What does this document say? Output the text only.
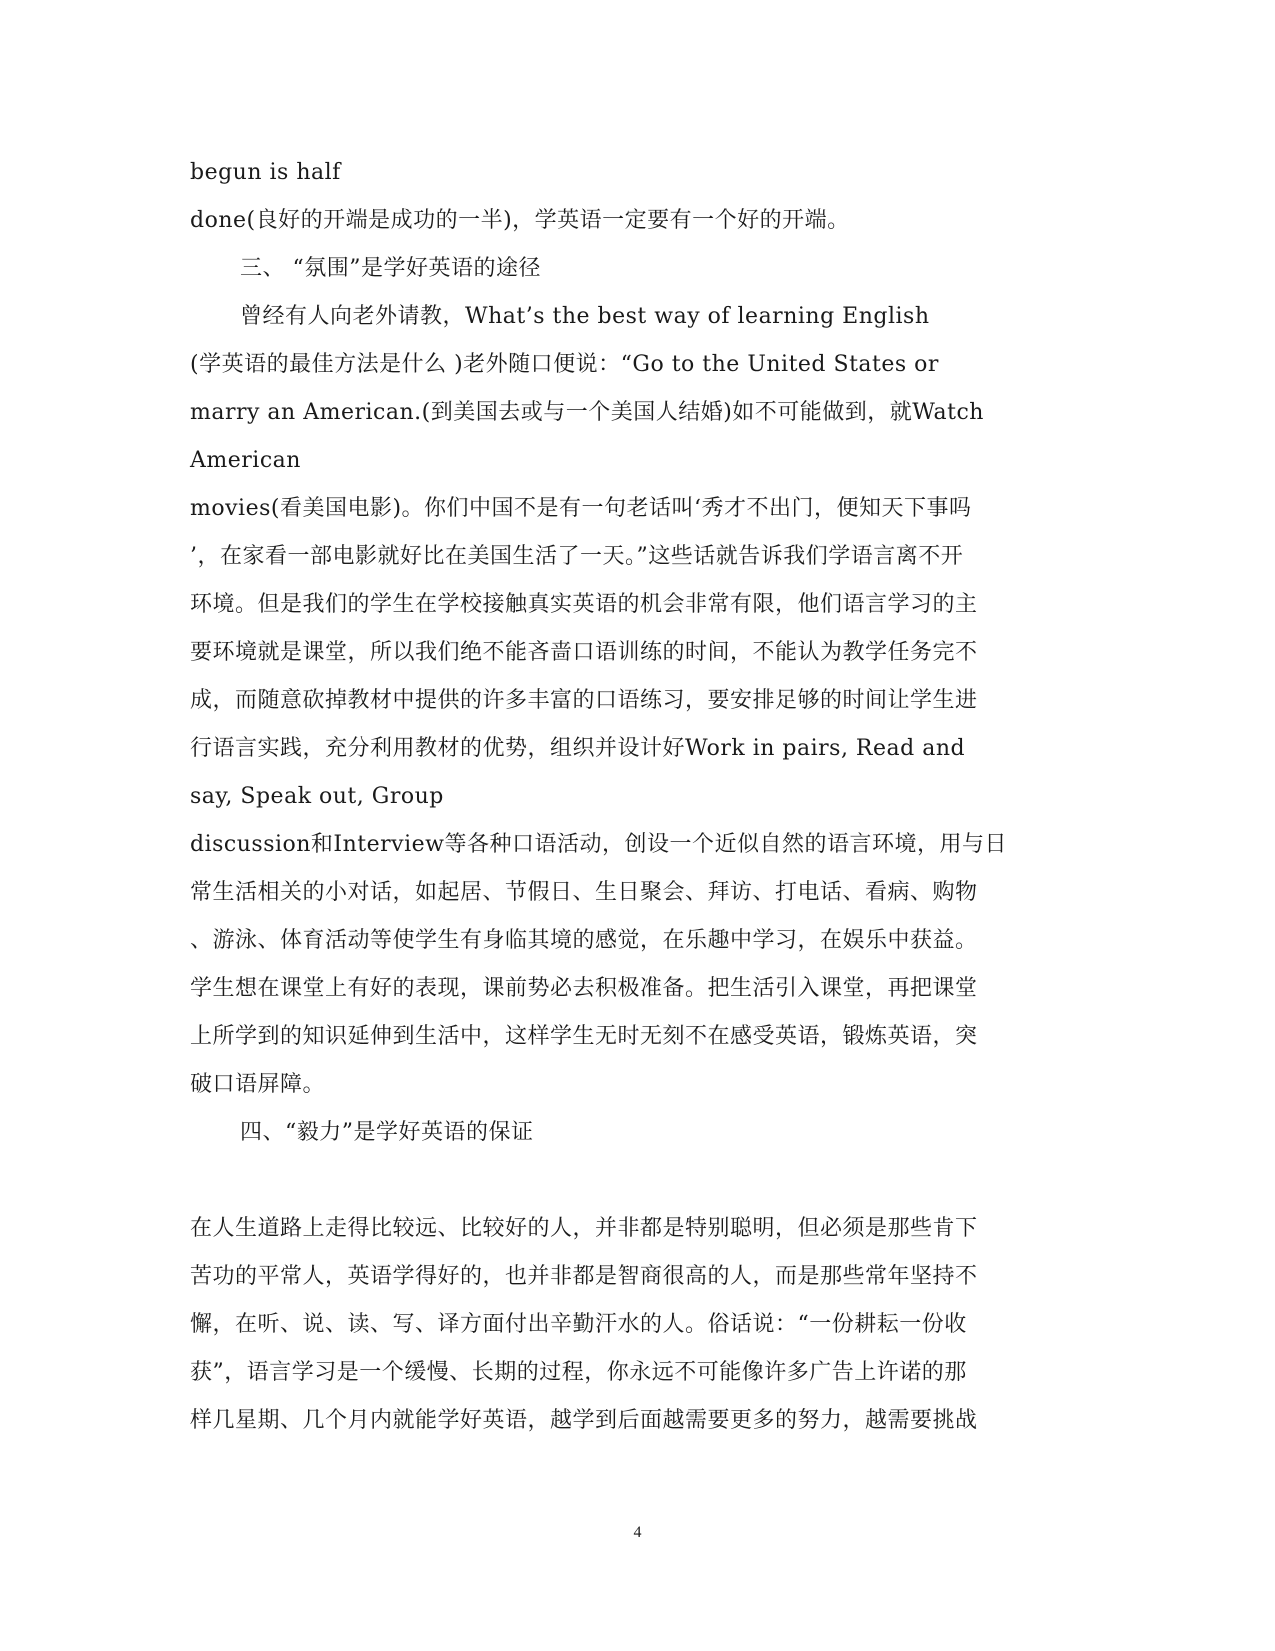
begun is half
done(良好的开端是成功的一半)，学英语一定要有一个好的开端。
三、 “氛围”是学好英语的途径
曾经有人向老外请教，What’s the best way of learning English
(学英语的最佳方法是什么 )老外随口便说：“Go to the United States or
marry an American.(到美国去或与一个美国人结婚)如不可能做到，就Watch
American
movies(看美国电影)。你们中国不是有一句老话叫‘秀才不出门，便知天下事吗
’，在家看一部电影就好比在美国生活了一天。”这些话就告诉我们学语言离不开
环境。但是我们的学生在学校接触真实英语的机会非常有限，他们语言学习的主
要环境就是课堂，所以我们绝不能吝啬口语训练的时间，不能认为教学任务完不
成，而随意砍掉教材中提供的许多丰富的口语练习，要安排足够的时间让学生进
行语言实践，充分利用教材的优势，组织并设计好Work in pairs, Read and
say, Speak out, Group
discussion和Interview等各种口语活动，创设一个近似自然的语言环境，用与日
常生活相关的小对话，如起居、节假日、生日聚会、拜访、打电话、看病、购物
、游泳、体育活动等使学生有身临其境的感觉，在乐趣中学习，在娱乐中获益。
学生想在课堂上有好的表现，课前势必去积极准备。把生活引入课堂，再把课堂
上所学到的知识延伸到生活中，这样学生无时无刻不在感受英语，锻炼英语，突
破口语屏障。
四、“毅力”是学好英语的保证
在人生道路上走得比较远、比较好的人，并非都是特别聪明，但必须是那些肯下
苦功的平常人，英语学得好的，也并非都是智商很高的人，而是那些常年坚持不
懈，在听、说、读、写、译方面付出辛勤汗水的人。俗话说：“一份耕耘一份收
获”，语言学习是一个缓慢、长期的过程，你永远不可能像许多广告上许诺的那
样几星期、几个月内就能学好英语，越学到后面越需要更多的努力，越需要挑战
4
